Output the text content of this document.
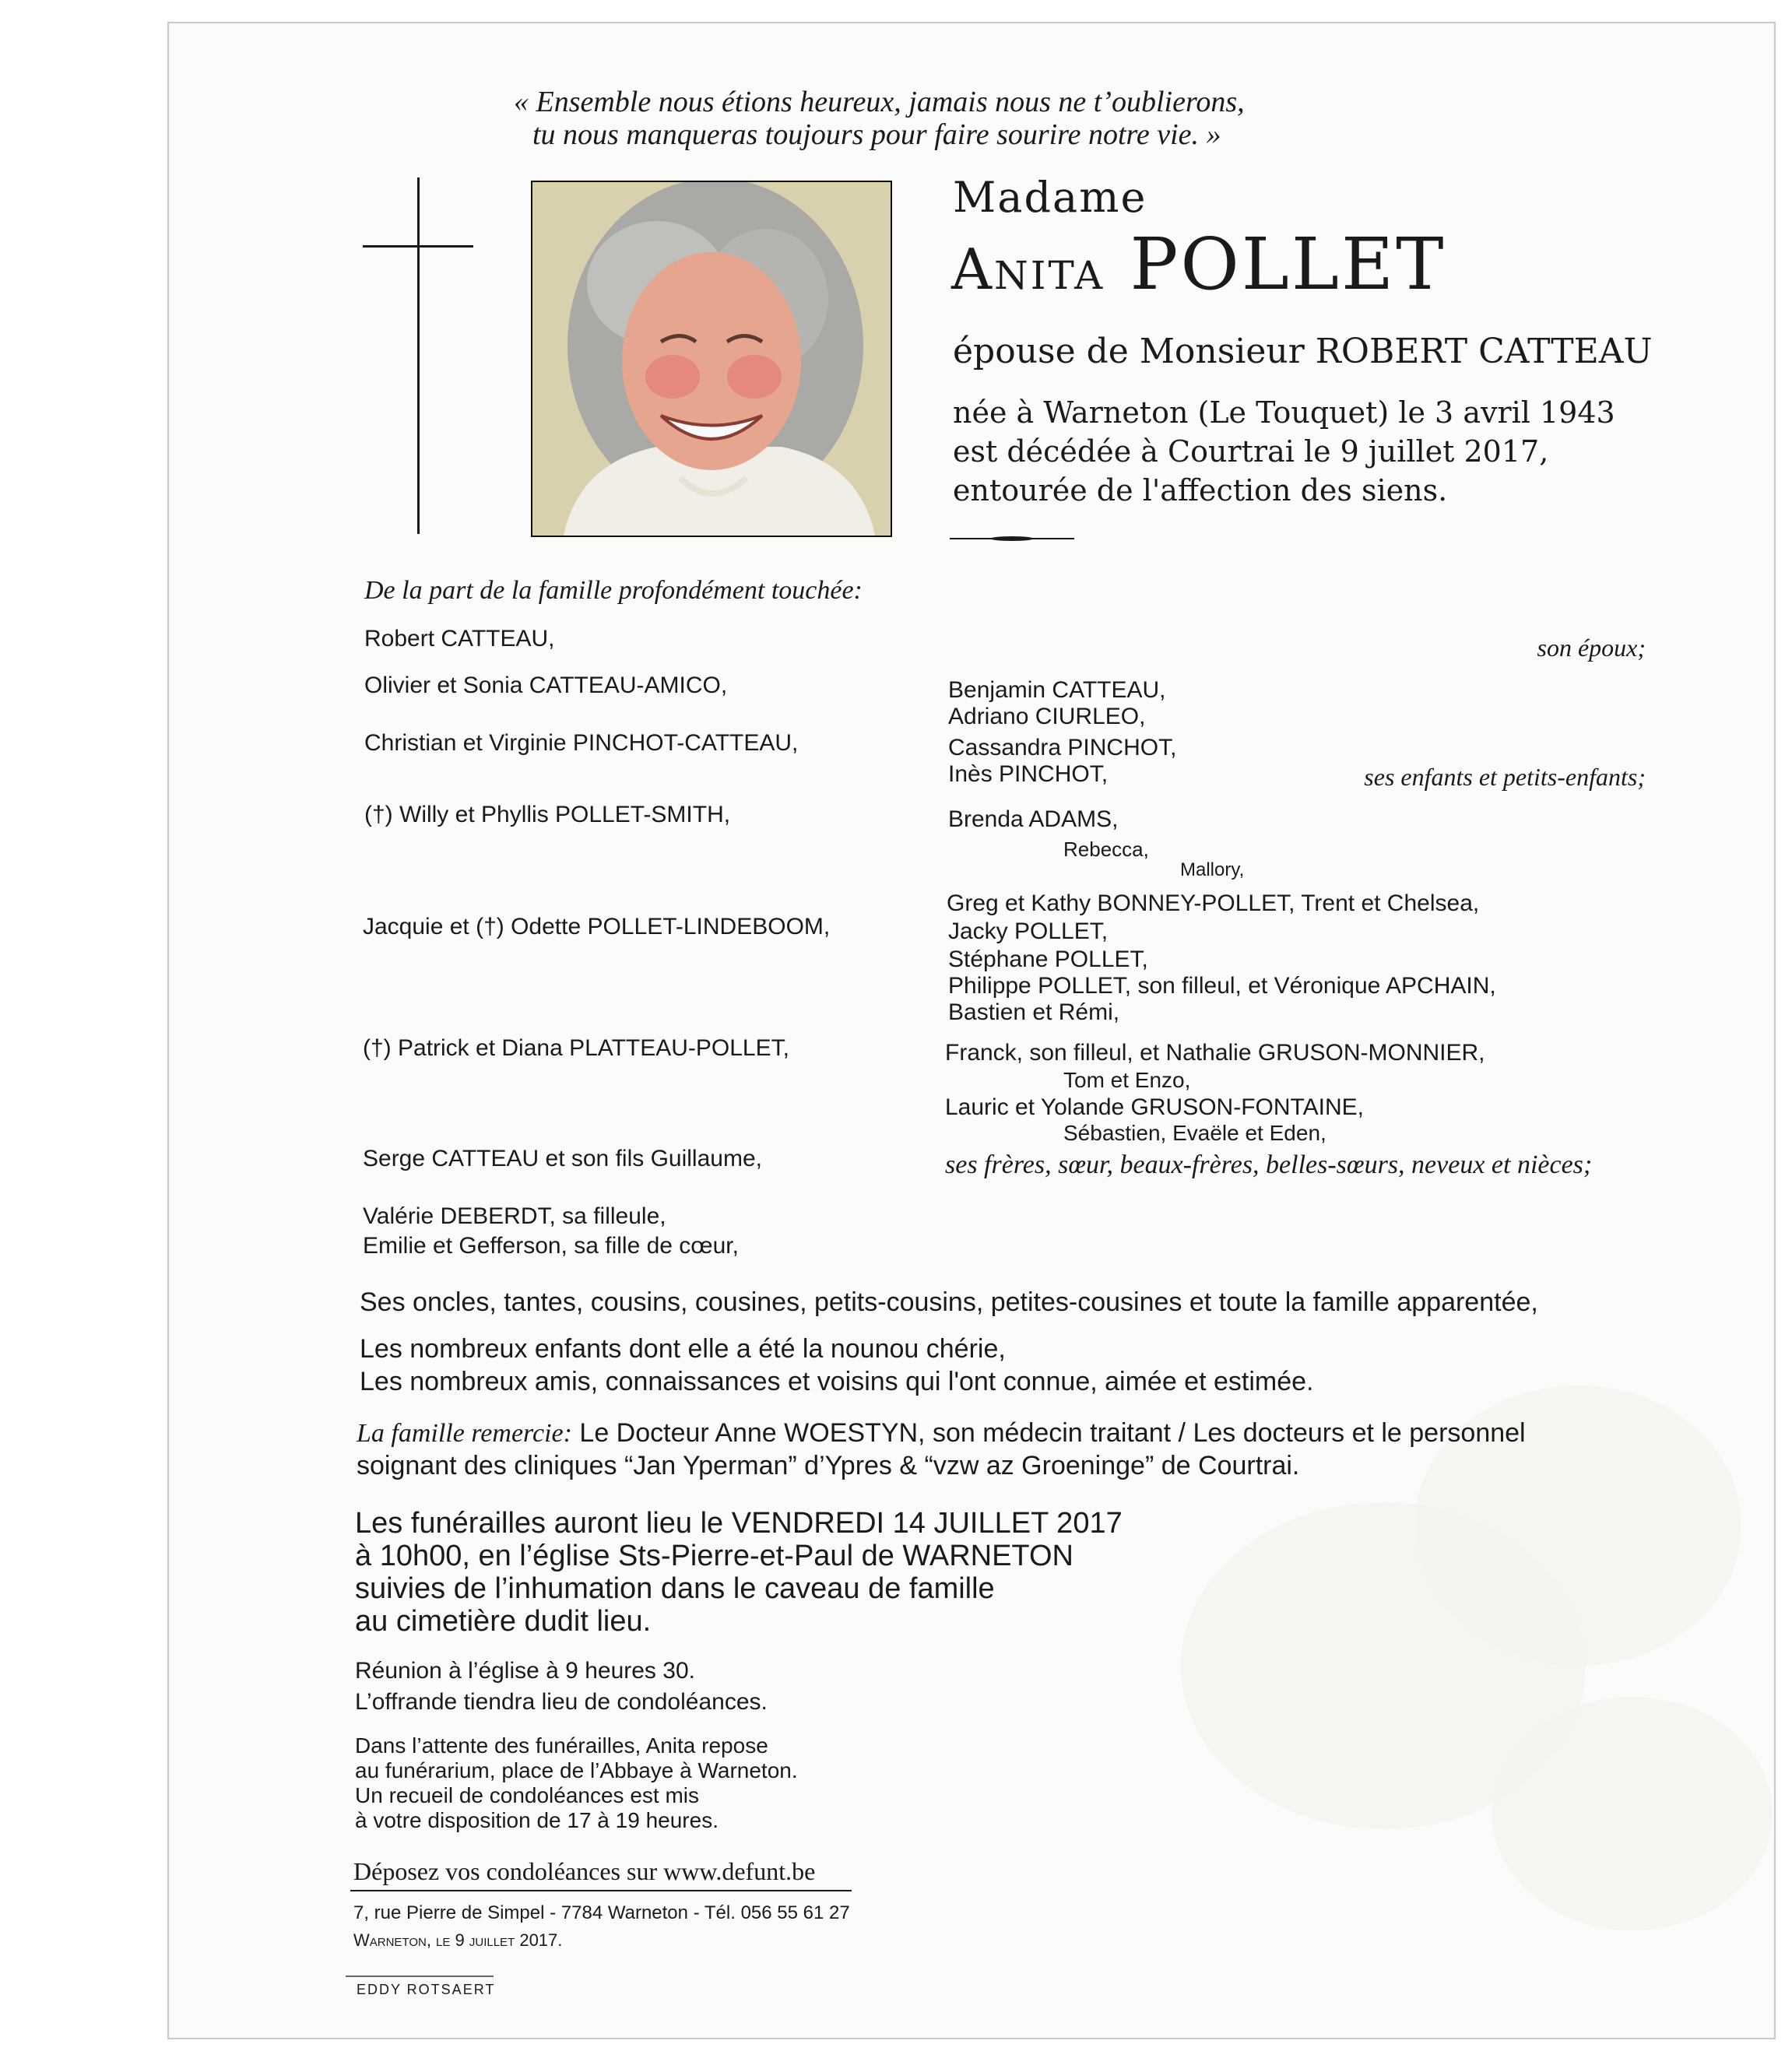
« Ensemble nous étions heureux, jamais nous ne t’oublierons,

tu nous manqueras toujours pour faire sourire notre vie. »

Madame

Anita POLLET

épouse de Monsieur ROBERT CATTEAU

née à Warneton (Le Touquet) le 3 avril 1943

est décédée à Courtrai le 9 juillet 2017,

entourée de l'affection des siens.

De la part de la famille profondément touchée:

Robert CATTEAU,

Olivier et Sonia CATTEAU-AMICO,

Christian et Virginie PINCHOT-CATTEAU,

(†) Willy et Phyllis POLLET-SMITH,

Jacquie et (†) Odette POLLET-LINDEBOOM,

(†) Patrick et Diana PLATTEAU-POLLET,

Serge CATTEAU et son fils Guillaume,

Valérie DEBERDT, sa filleule,

Emilie et Gefferson, sa fille de cœur,

Benjamin CATTEAU,

Adriano CIURLEO,

Cassandra PINCHOT,

Inès PINCHOT,

Brenda ADAMS,

Rebecca,

Mallory,

Greg et Kathy BONNEY-POLLET, Trent et Chelsea,

Jacky POLLET,

Stéphane POLLET,

Philippe POLLET, son filleul, et Véronique APCHAIN,

Bastien et Rémi,

Franck, son filleul, et Nathalie GRUSON-MONNIER,

Tom et Enzo,

Lauric et Yolande GRUSON-FONTAINE,

Sébastien, Evaële et Eden,

son époux;

ses enfants et petits-enfants;

ses frères, sœur, beaux-frères, belles-sœurs, neveux et nièces;

Ses oncles, tantes, cousins, cousines, petits-cousins, petites-cousines et toute la famille apparentée,

Les nombreux enfants dont elle a été la nounou chérie,

Les nombreux amis, connaissances et voisins qui l'ont connue, aimée et estimée.

La famille remercie: Le Docteur Anne WOESTYN, son médecin traitant / Les docteurs et le personnel

soignant des cliniques “Jan Yperman” d’Ypres & “vzw az Groeninge” de Courtrai.

Les funérailles auront lieu le VENDREDI 14 JUILLET 2017

à 10h00, en l’église Sts-Pierre-et-Paul de WARNETON

suivies de l’inhumation dans le caveau de famille

au cimetière dudit lieu.

Réunion à l’église à 9 heures 30.

L’offrande tiendra lieu de condoléances.

Dans l’attente des funérailles, Anita repose

au funérarium, place de l’Abbaye à Warneton.

Un recueil de condoléances est mis

à votre disposition de 17 à 19 heures.

Déposez vos condoléances sur www.defunt.be

7, rue Pierre de Simpel - 7784 Warneton - Tél. 056 55 61 27

Warneton, le 9 juillet 2017.

EDDY ROTSAERT
